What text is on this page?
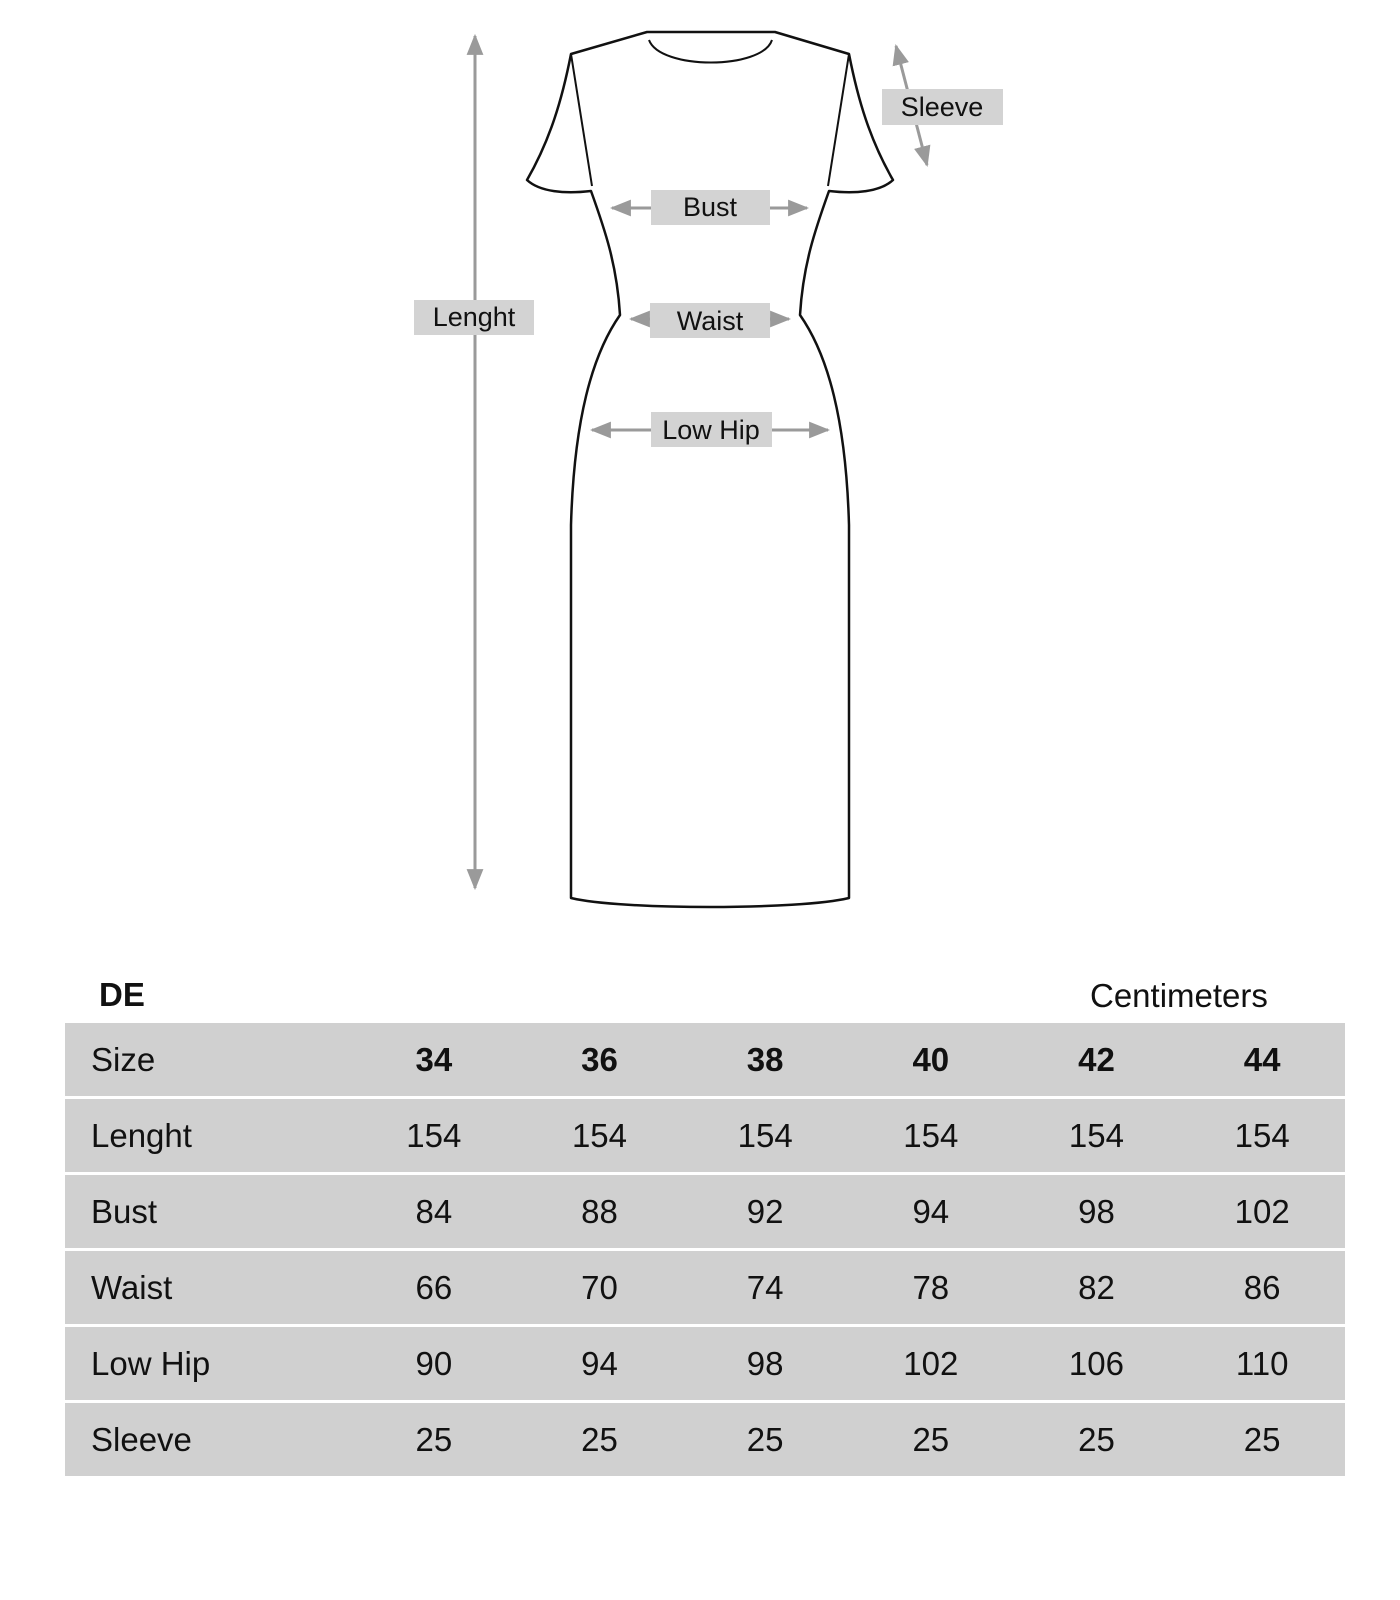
Lenght
Sleeve
Bust
Waist
Low Hip
DE	Centimeters
Size	34	36	38	40	42	44
Lenght	154	154	154	154	154	154
Bust	84	88	92	94	98	102
Waist	66	70	74	78	82	86
Low Hip	90	94	98	102	106	110
Sleeve	25	25	25	25	25	25
